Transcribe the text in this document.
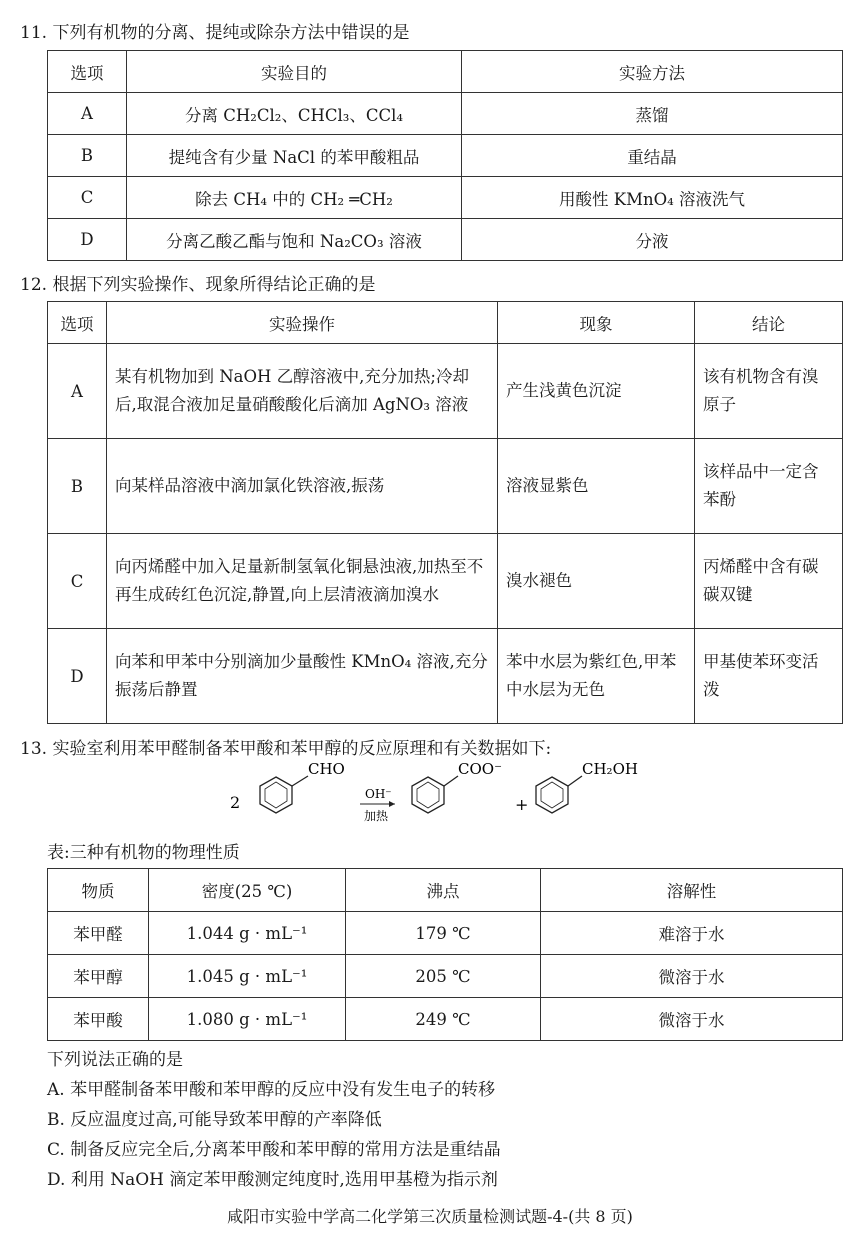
11. 下列有机物的分离、提纯或除杂方法中错误的是
选项	实验目的	实验方法
A	分离 CH₂Cl₂、CHCl₃、CCl₄	蒸馏
B	提纯含有少量 NaCl 的苯甲酸粗品	重结晶
C	除去 CH₄ 中的 CH₂ ═CH₂	用酸性 KMnO₄ 溶液洗气
D	分离乙酸乙酯与饱和 Na₂CO₃ 溶液	分液
12. 根据下列实验操作、现象所得结论正确的是
选项	实验操作	现象	结论
A	某有机物加到 NaOH 乙醇溶液中,充分加热;冷却后,取混合液加足量硝酸酸化后滴加 AgNO₃ 溶液	产生浅黄色沉淀	该有机物含有溴原子
B	向某样品溶液中滴加氯化铁溶液,振荡	溶液显紫色	该样品中一定含苯酚
C	向丙烯醛中加入足量新制氢氧化铜悬浊液,加热至不再生成砖红色沉淀,静置,向上层清液滴加溴水	溴水褪色	丙烯醛中含有碳碳双键
D	向苯和甲苯中分别滴加少量酸性 KMnO₄ 溶液,充分振荡后静置	苯中水层为紫红色,甲苯中水层为无色	甲基使苯环变活泼
13. 实验室利用苯甲醛制备苯甲酸和苯甲醇的反应原理和有关数据如下:
2
CHO
OH⁻
加热
COO⁻
+
CH₂OH
表:三种有机物的物理性质
物质	密度(25 ℃)	沸点	溶解性
苯甲醛	1.044 g · mL⁻¹	179 ℃	难溶于水
苯甲醇	1.045 g · mL⁻¹	205 ℃	微溶于水
苯甲酸	1.080 g · mL⁻¹	249 ℃	微溶于水
下列说法正确的是
A. 苯甲醛制备苯甲酸和苯甲醇的反应中没有发生电子的转移
B. 反应温度过高,可能导致苯甲醇的产率降低
C. 制备反应完全后,分离苯甲酸和苯甲醇的常用方法是重结晶
D. 利用 NaOH 滴定苯甲酸测定纯度时,选用甲基橙为指示剂
咸阳市实验中学高二化学第三次质量检测试题-4-(共 8 页)
